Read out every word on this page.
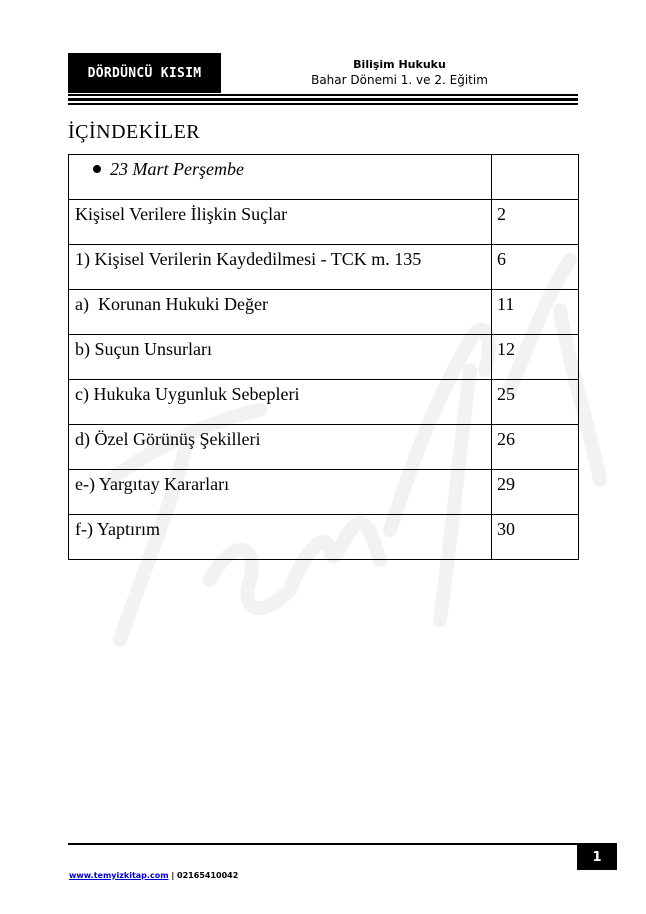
DÖRDÜNCÜ KISIM
Bilişim Hukuku
Bahar Dönemi 1. ve 2. Eğitim
İÇİNDEKİLER
23 Mart Perşembe	
Kişisel Verilere İlişkin Suçlar	2
1) Kişisel Verilerin Kaydedilmesi - TCK m. 135	6
a)  Korunan Hukuki Değer	11
b) Suçun Unsurları	12
c) Hukuka Uygunluk Sebepleri	25
d) Özel Görünüş Şekilleri	26
e-) Yargıtay Kararları	29
f-) Yaptırım	30
1
www.temyizkitap.com | 02165410042
